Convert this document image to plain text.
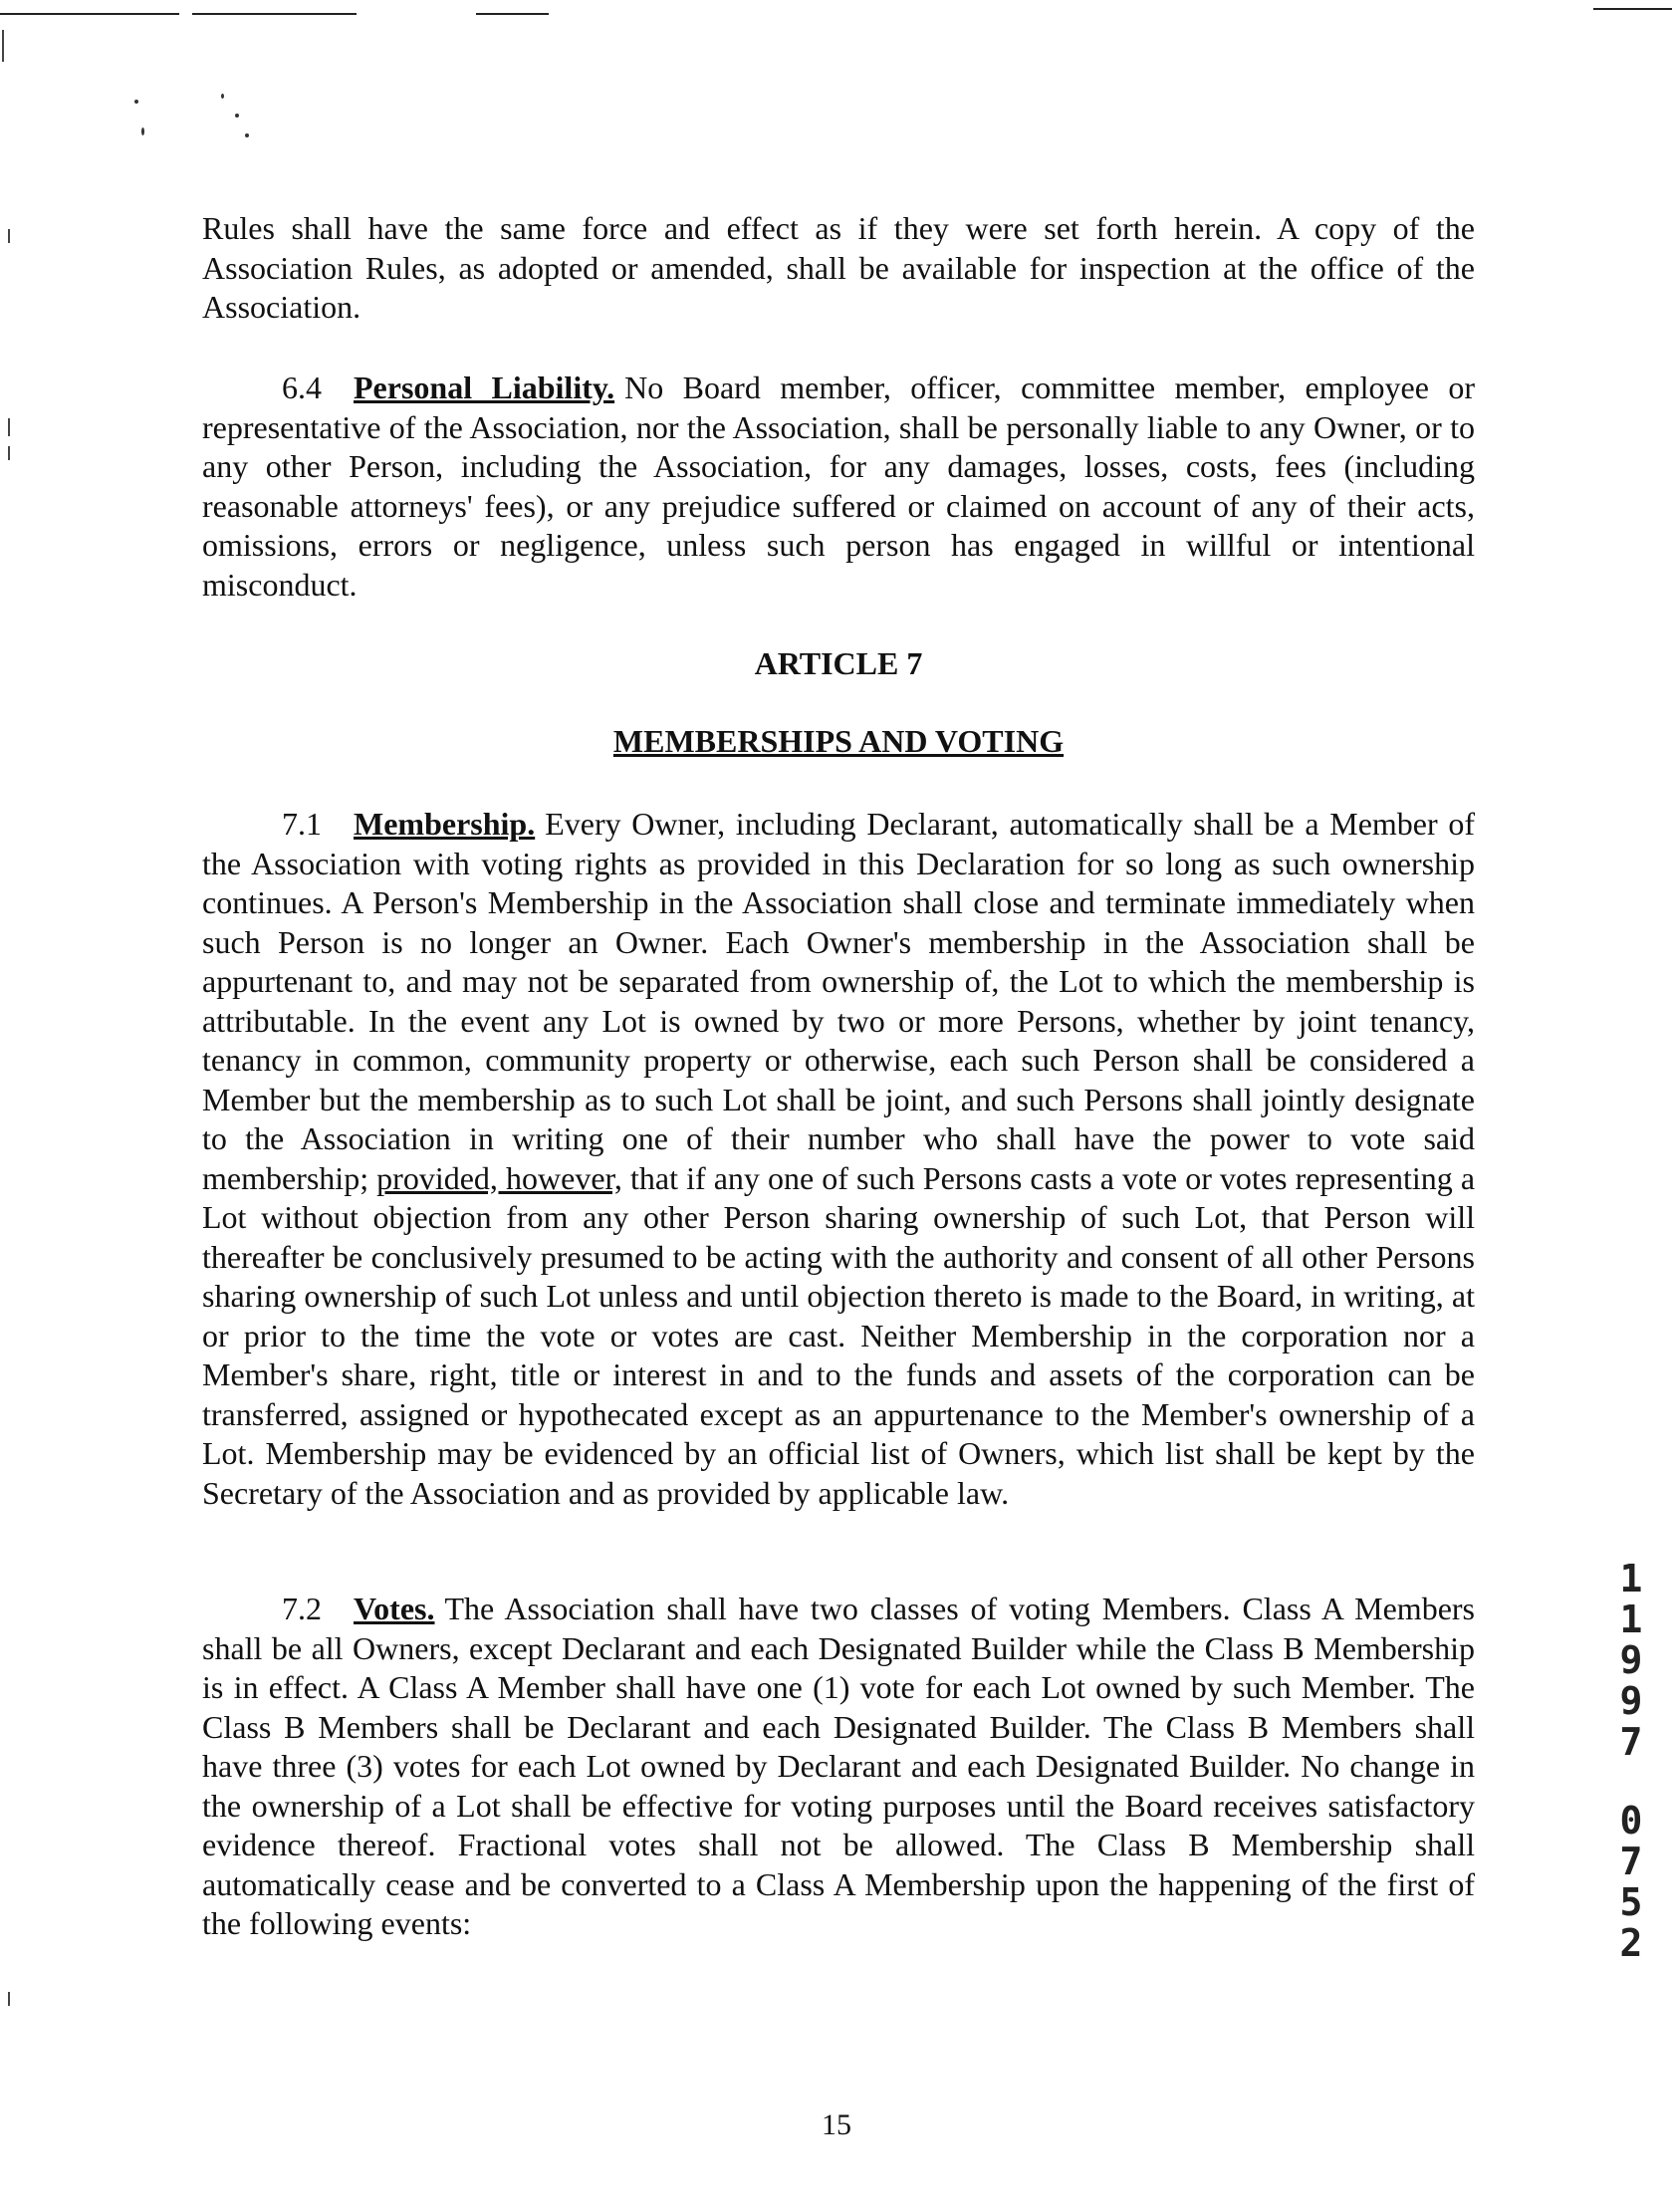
Rules shall have the same force and effect as if they were set forth herein. A copy of the Association Rules, as adopted or amended, shall be available for inspection at the office of the Association.

6.4 Personal Liability. No Board member, officer, committee member, employee or representative of the Association, nor the Association, shall be personally liable to any Owner, or to any other Person, including the Association, for any damages, losses, costs, fees (including reasonable attorneys' fees), or any prejudice suffered or claimed on account of any of their acts, omissions, errors or negligence, unless such person has engaged in willful or intentional misconduct.

ARTICLE 7
MEMBERSHIPS AND VOTING

7.1 Membership. Every Owner, including Declarant, automatically shall be a Member of the Association with voting rights as provided in this Declaration for so long as such ownership continues. A Person's Membership in the Association shall close and terminate immediately when such Person is no longer an Owner. Each Owner's membership in the Association shall be appurtenant to, and may not be separated from ownership of, the Lot to which the membership is attributable. In the event any Lot is owned by two or more Persons, whether by joint tenancy, tenancy in common, community property or otherwise, each such Person shall be considered a Member but the membership as to such Lot shall be joint, and such Persons shall jointly designate to the Association in writing one of their number who shall have the power to vote said membership; provided, however, that if any one of such Persons casts a vote or votes representing a Lot without objection from any other Person sharing ownership of such Lot, that Person will thereafter be conclusively presumed to be acting with the authority and consent of all other Persons sharing ownership of such Lot unless and until objection thereto is made to the Board, in writing, at or prior to the time the vote or votes are cast. Neither Membership in the corporation nor a Member's share, right, title or interest in and to the funds and assets of the corporation can be transferred, assigned or hypothecated except as an appurtenance to the Member's ownership of a Lot. Membership may be evidenced by an official list of Owners, which list shall be kept by the Secretary of the Association and as provided by applicable law.

7.2 Votes. The Association shall have two classes of voting Members. Class A Members shall be all Owners, except Declarant and each Designated Builder while the Class B Membership is in effect. A Class A Member shall have one (1) vote for each Lot owned by such Member. The Class B Members shall be Declarant and each Designated Builder. The Class B Members shall have three (3) votes for each Lot owned by Declarant and each Designated Builder. No change in the ownership of a Lot shall be effective for voting purposes until the Board receives satisfactory evidence thereof. Fractional votes shall not be allowed. The Class B Membership shall automatically cease and be converted to a Class A Membership upon the happening of the first of the following events:

1
1
9
9
7
0
7
5
2
15
